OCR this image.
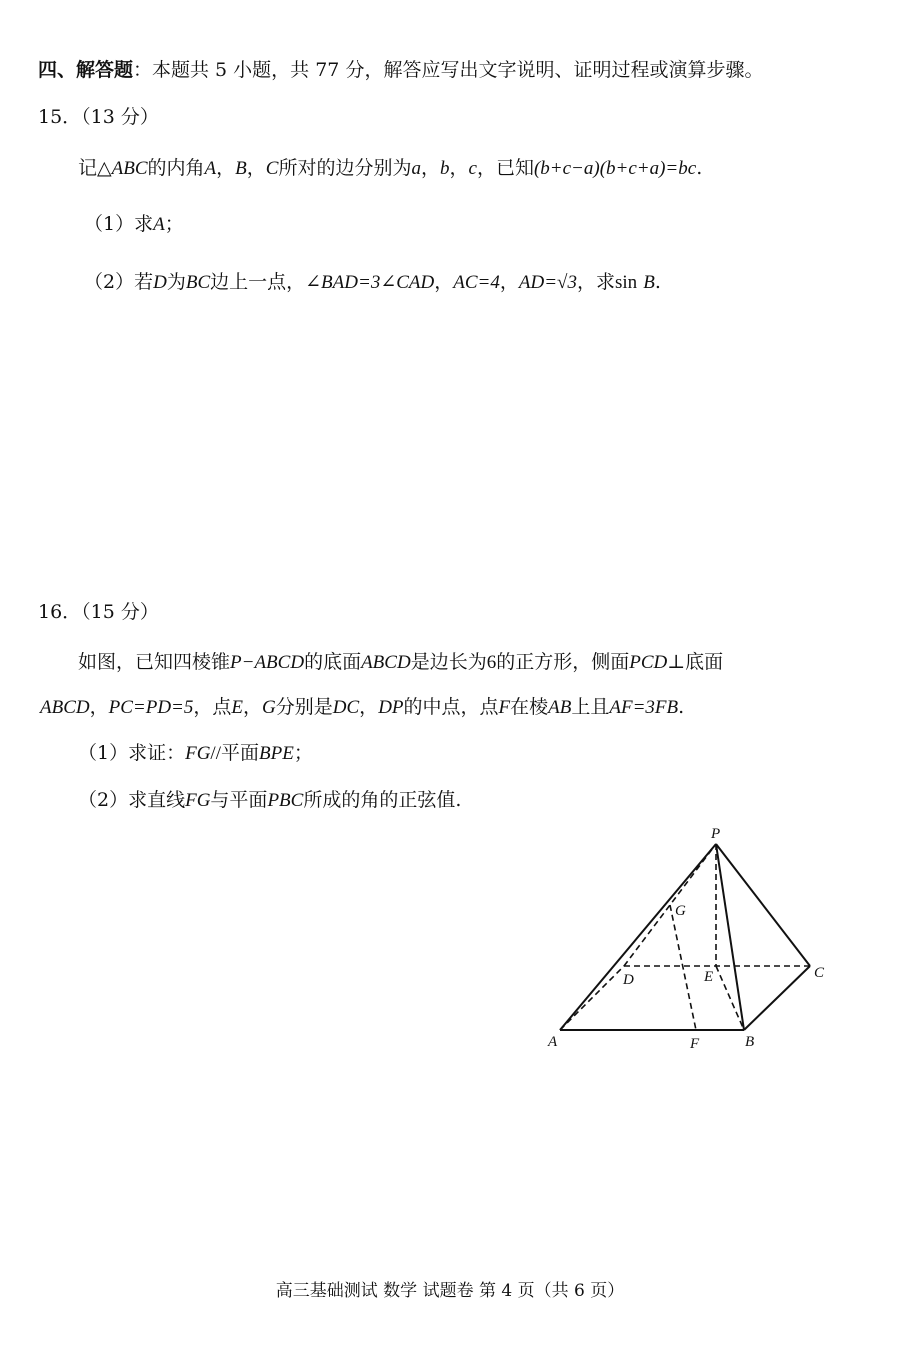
四、解答题：本题共 5 小题，共 77 分，解答应写出文字说明、证明过程或演算步骤。
15．（13 分）
记△ABC的内角A，B，C所对的边分别为a，b，c，已知(b+c−a)(b+c+a)=bc.
（1）求A；
（2）若D为BC边上一点，∠BAD=3∠CAD，AC=4，AD=√3，求sin B.
16．（15 分）
如图，已知四棱锥P−ABCD的底面ABCD是边长为6的正方形，侧面PCD⊥底面
ABCD，PC=PD=5，点E，G分别是DC，DP的中点，点F在棱AB上且AF=3FB.
（1）求证：FG//平面BPE；
（2）求直线FG与平面PBC所成的角的正弦值.
P
G
D	E	C
A	F	B
高三基础测试 数学 试题卷 第 4 页（共 6 页）
